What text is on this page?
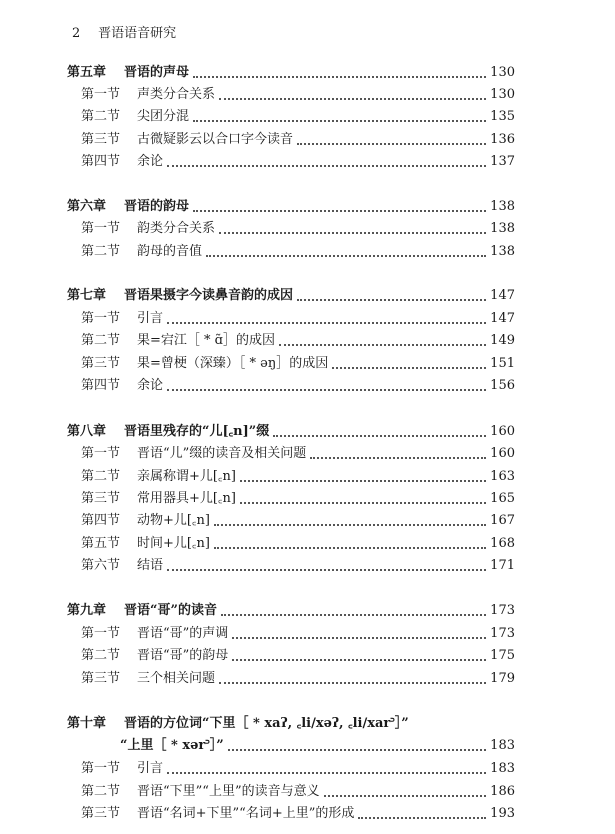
2 晋语语音研究
第五章 晋语的声母	130
第一节 声类分合关系	130
第二节 尖团分混	135
第三节 古微疑影云以合口字今读音	136
第四节 余论	137
第六章 晋语的韵母	138
第一节 韵类分合关系	138
第二节 韵母的音值	138
第七章 晋语果摄字今读鼻音韵的成因	147
第一节 引言	147
第二节 果=宕江［ * ɑ̃］的成因	149
第三节 果=曾梗（深臻）［ * əŋ］的成因	151
第四节 余论	156
第八章 晋语里残存的“儿[꜀n]”缀	160
第一节 晋语“儿”缀的读音及相关问题	160
第二节 亲属称谓+儿[꜀n]	163
第三节 常用器具+儿[꜀n]	165
第四节 动物+儿[꜀n]	167
第五节 时间+儿[꜀n]	168
第六节 结语	171
第九章 晋语“哥”的读音	173
第一节 晋语“哥”的声调	173
第二节 晋语“哥”的韵母	175
第三节 三个相关问题	179
第十章 晋语的方位词“下里［ * xaʔ, ꜀li/xəʔ, ꜀li/xar꜄］”
“上里［ * xər꜄］”	183
第一节 引言	183
第二节 晋语“下里”“上里”的读音与意义	186
第三节 晋语“名词+下里”“名词+上里”的形成	193
